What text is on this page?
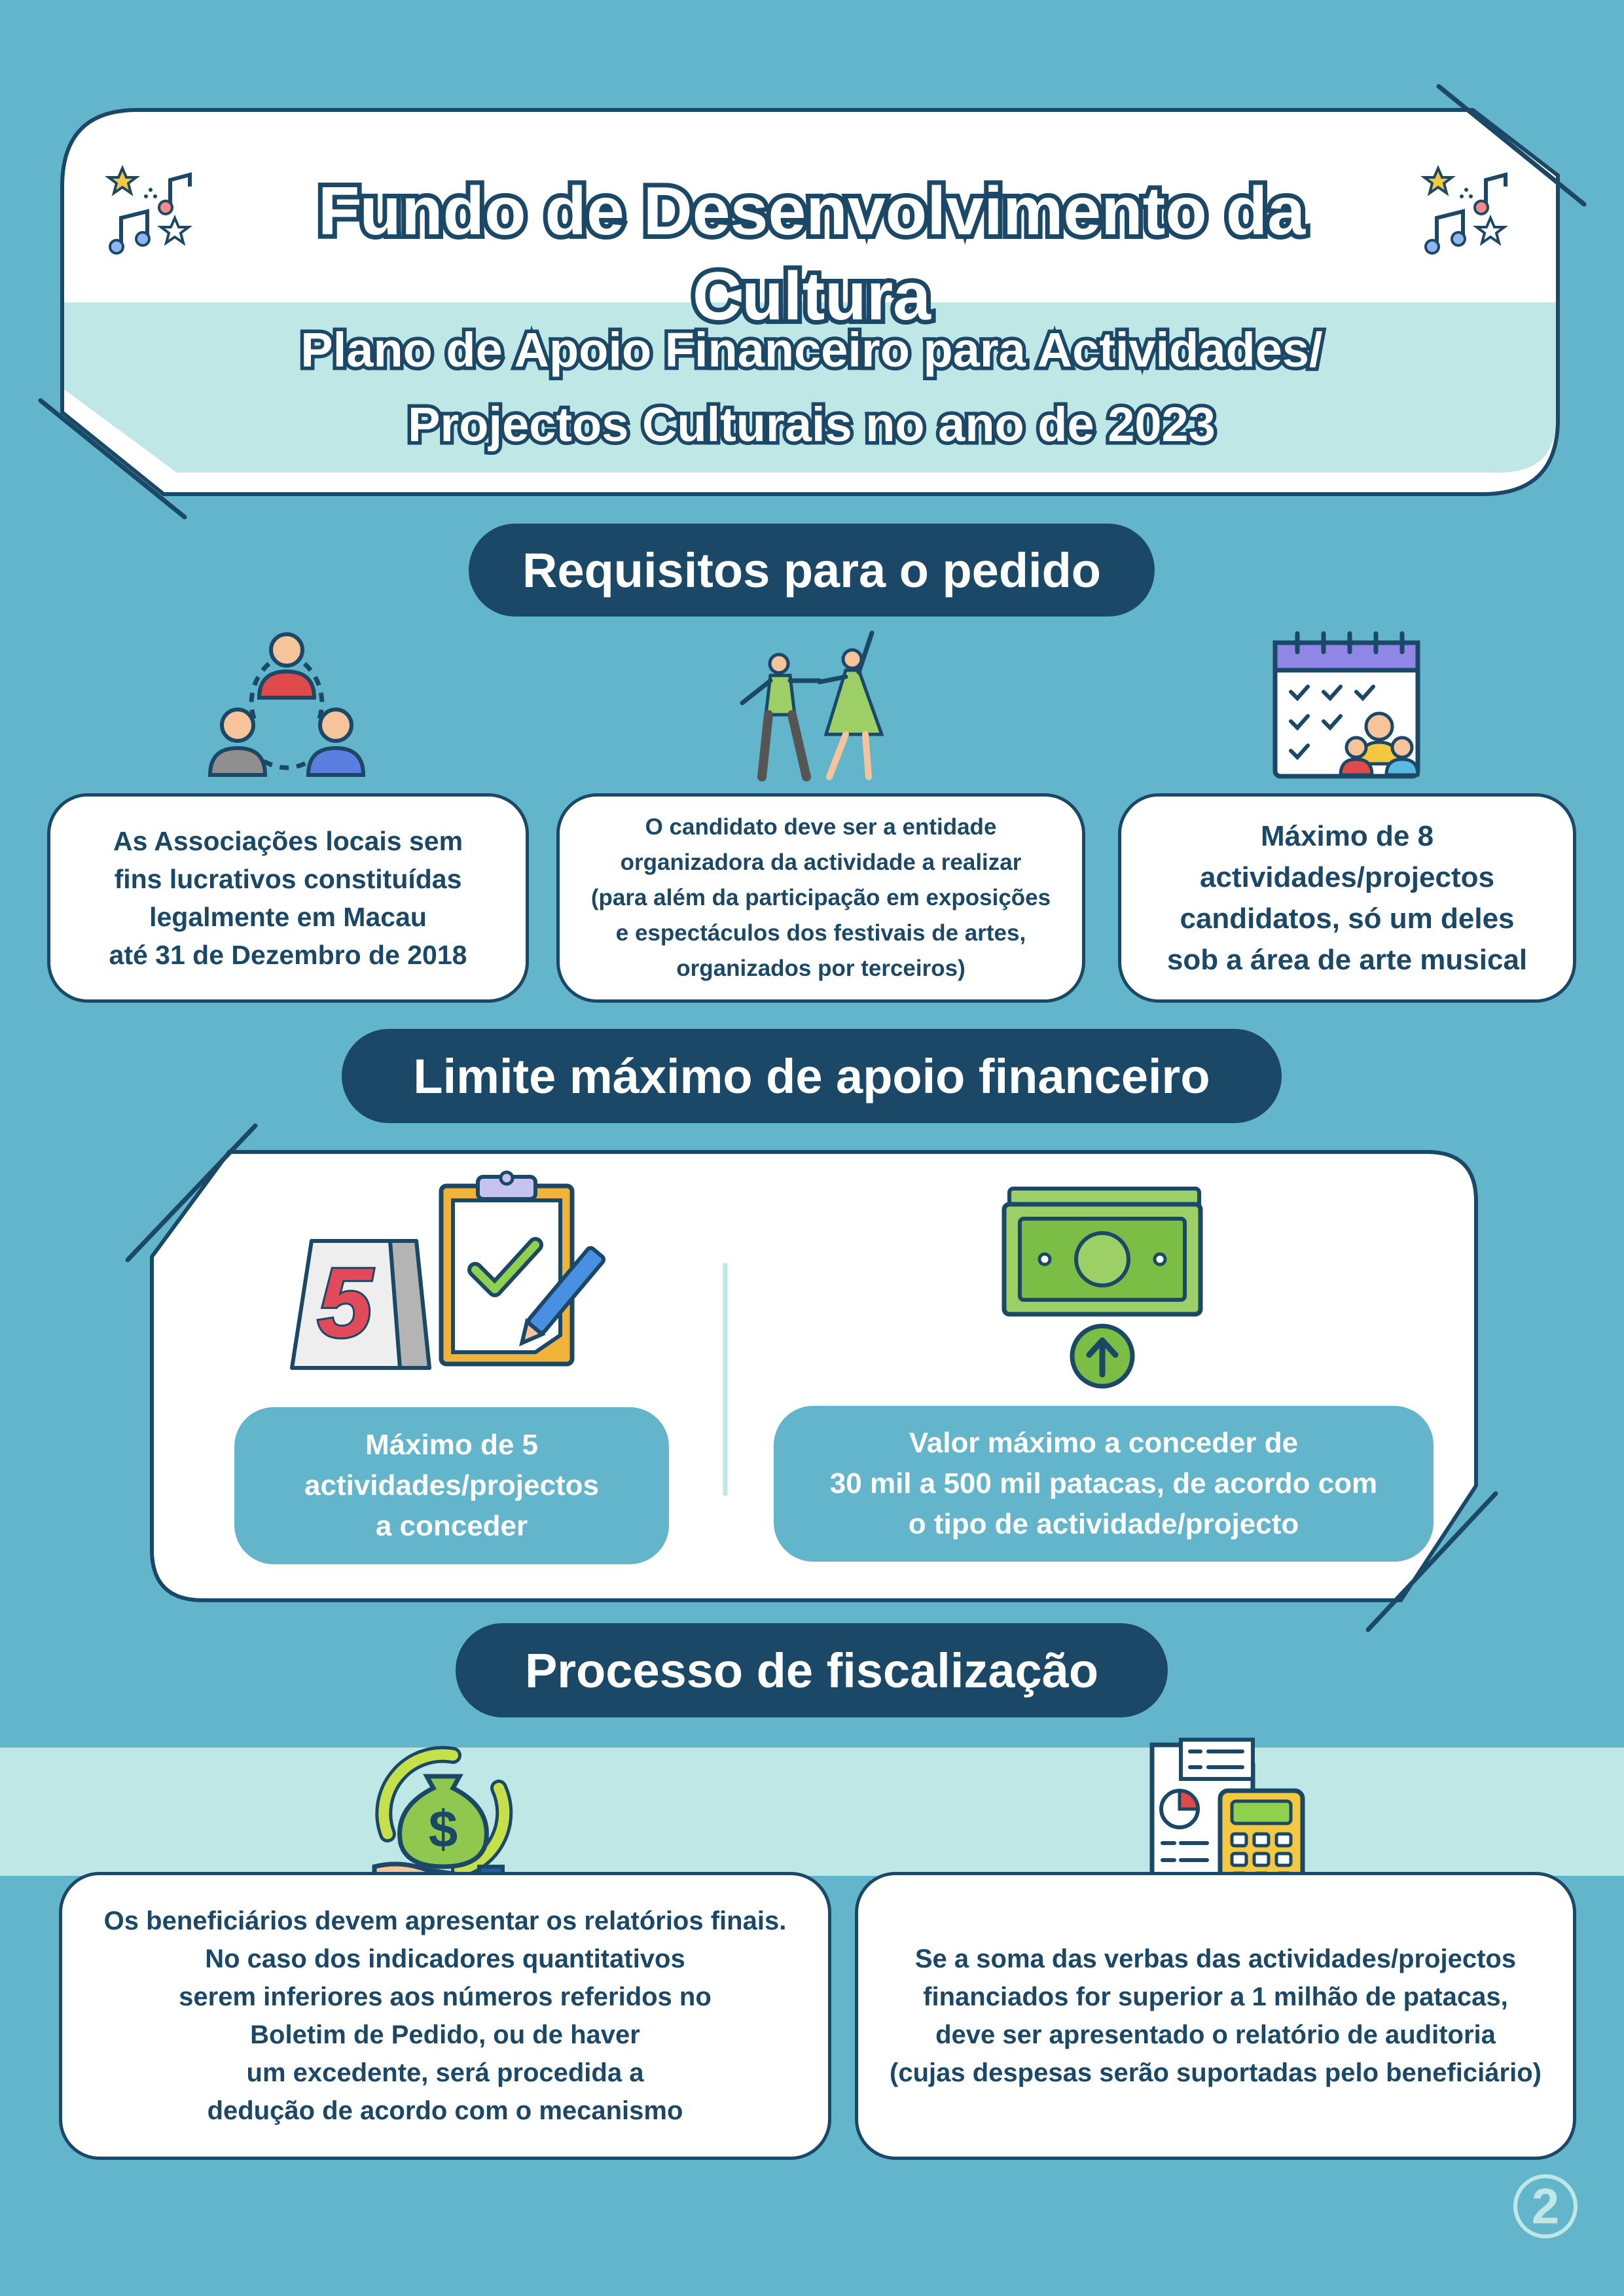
Fundo de Desenvolvimento da Cultura
Plano de Apoio Financeiro para Actividades/
Projectos Culturais no ano de 2023
Requisitos para o pedido
As Associações locais sem
fins lucrativos constituídas
legalmente em Macau
até 31 de Dezembro de 2018
O candidato deve ser a entidade
organizadora da actividade a realizar
(para além da participação em exposições
e espectáculos dos festivais de artes,
organizados por terceiros)
Máximo de 8
actividades/projectos
candidatos, só um deles
sob a área de arte musical
Limite máximo de apoio financeiro
5
Máximo de 5
actividades/projectos
a conceder
Valor máximo a conceder de
30 mil a 500 mil patacas, de acordo com
o tipo de actividade/projecto
Processo de fiscalização
$
Os beneficiários devem apresentar os relatórios finais.
No caso dos indicadores quantitativos
serem inferiores aos números referidos no
Boletim de Pedido, ou de haver
um excedente, será procedida a
dedução de acordo com o mecanismo
Se a soma das verbas das actividades/projectos
financiados for superior a 1 milhão de patacas,
deve ser apresentado o relatório de auditoria
(cujas despesas serão suportadas pelo beneficiário)
2
